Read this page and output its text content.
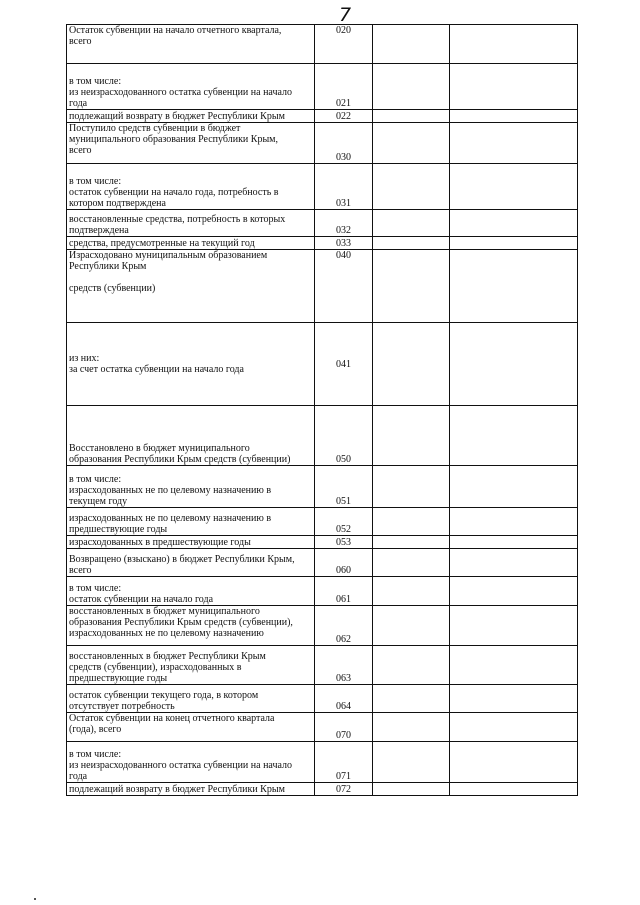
7
Остаток субвенции на начало отчетного квартала,
всего	020		

в том числе:
из неизрасходованного остатка субвенции на начало
года	021		

подлежащий возврату в бюджет Республики Крым	022		

Поступило средств субвенции в бюджет
муниципального образования Республики Крым,
всего	030		

в том числе:
остаток субвенции на начало года, потребность в
котором подтверждена	031		

восстановленные средства, потребность в которых
подтверждена	032		

средства, предусмотренные на текущий год	033		

Израсходовано муниципальным образованием
Республики Крым

средств (субвенции)	040		

из них:
за счет остатка субвенции на начало года	041		

Восстановлено в бюджет муниципального
образования Республики Крым средств (субвенции)	050		

в том числе:
израсходованных не по целевому назначению в
текущем году	051		

израсходованных не по целевому назначению в
предшествующие годы	052		

израсходованных в предшествующие годы	053		

Возвращено (взыскано) в бюджет Республики Крым,
всего	060		

в том числе:
остаток субвенции на начало года	061		

восстановленных в бюджет муниципального
образования Республики Крым средств (субвенции),
израсходованных не по целевому назначению	062		

восстановленных в бюджет Республики Крым
средств (субвенции), израсходованных в
предшествующие годы	063		

остаток субвенции текущего года, в котором
отсутствует потребность	064		

Остаток субвенции на конец отчетного квартала
(года), всего	070		

в том числе:
из неизрасходованного остатка субвенции на начало
года	071		

подлежащий возврату в бюджет Республики Крым	072		
